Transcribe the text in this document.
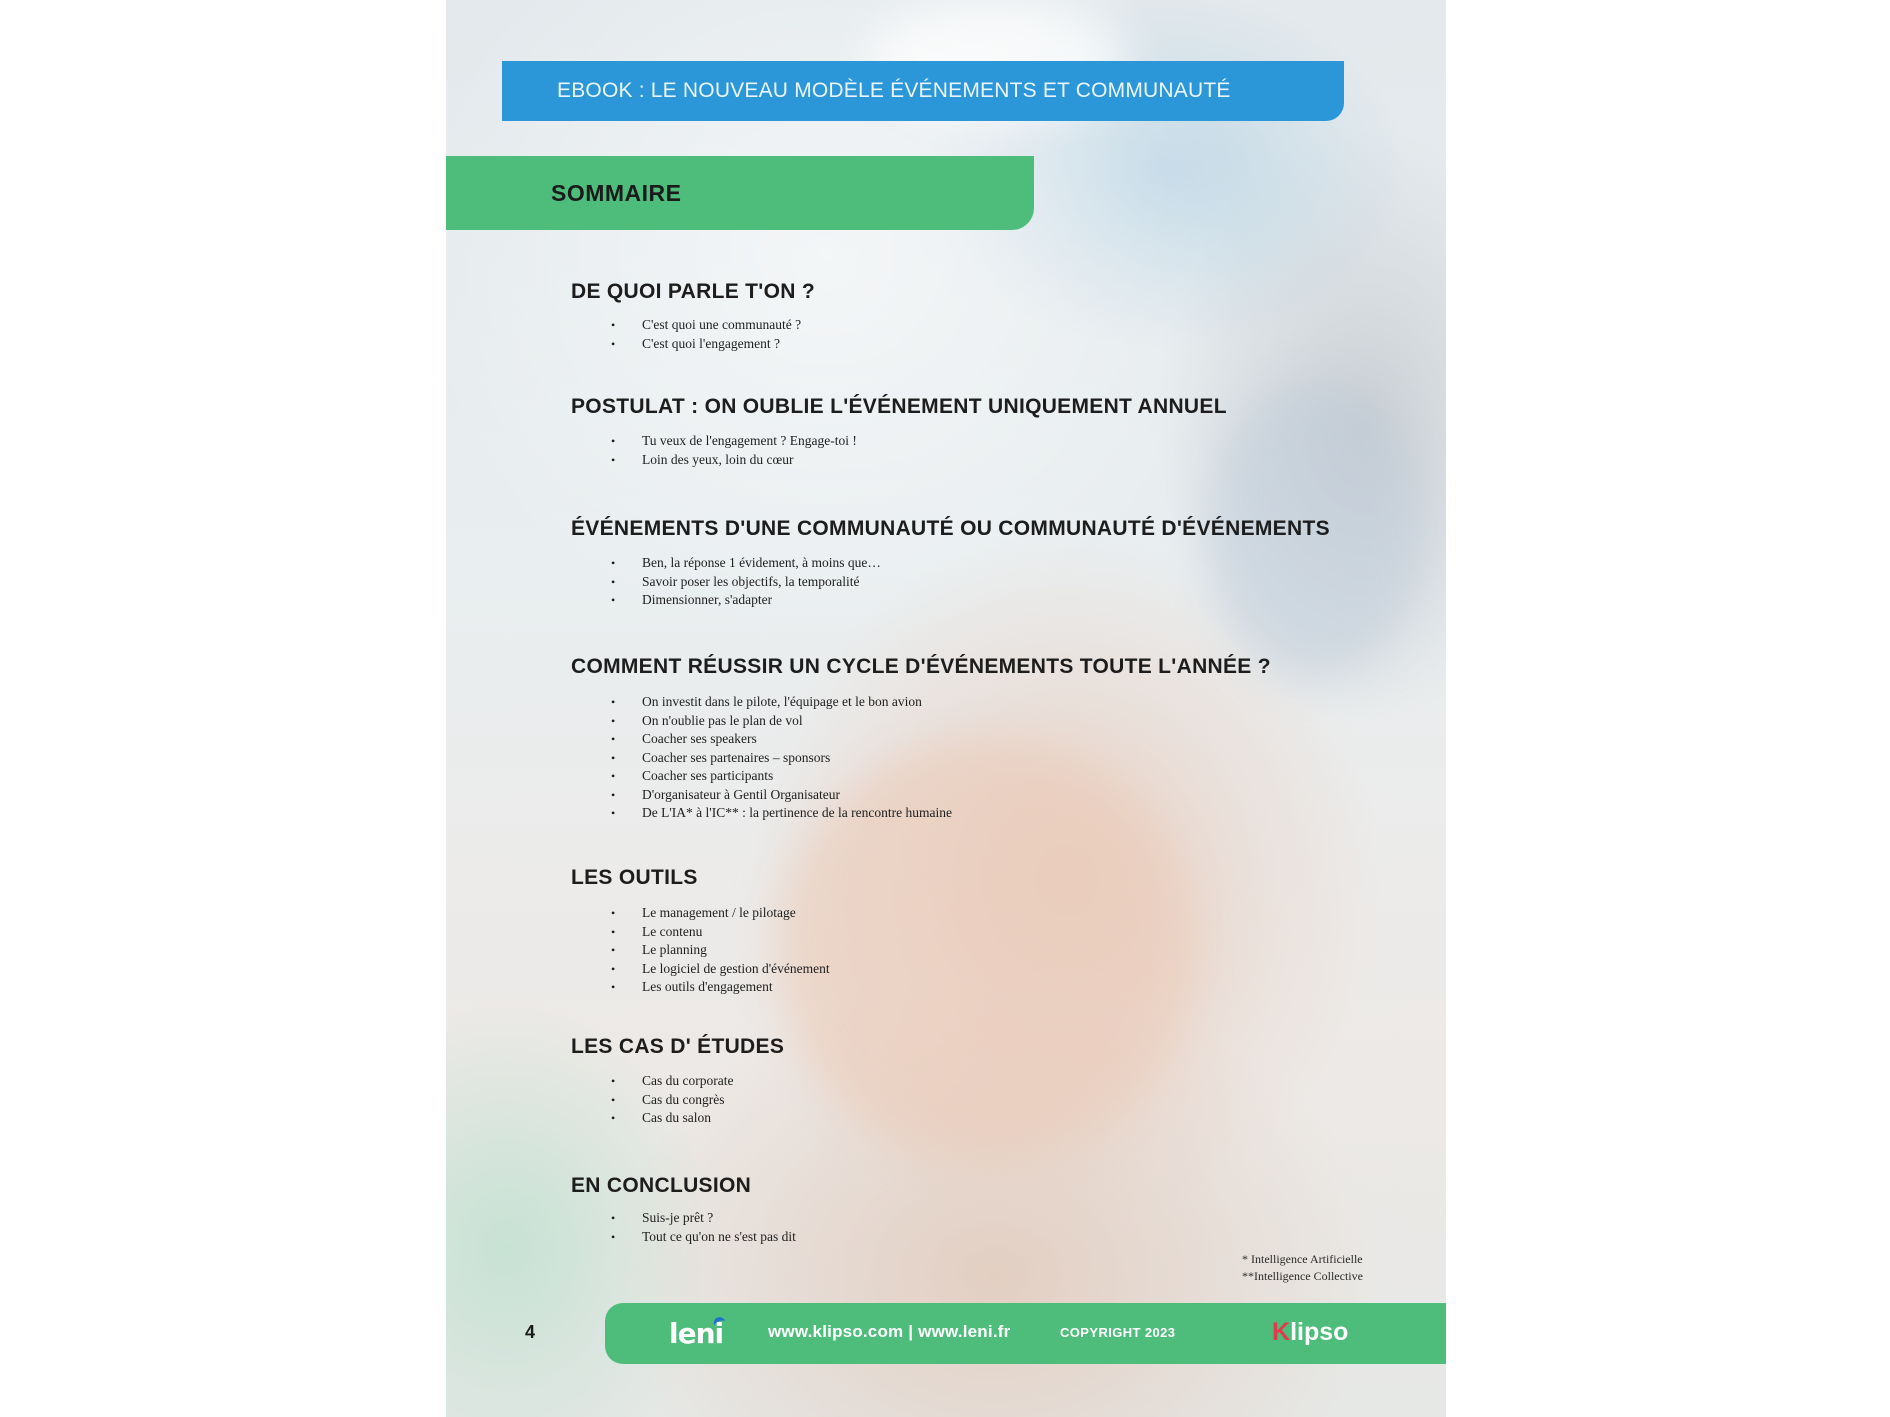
EBOOK : LE NOUVEAU MODÈLE ÉVÉNEMENTS ET COMMUNAUTÉ
SOMMAIRE
DE QUOI PARLE T'ON ?
• C'est quoi une communauté ?
• C'est quoi l'engagement ?
POSTULAT : ON OUBLIE L'ÉVÉNEMENT UNIQUEMENT ANNUEL
• Tu veux de l'engagement ? Engage-toi !
• Loin des yeux, loin du cœur
ÉVÉNEMENTS D'UNE COMMUNAUTÉ OU COMMUNAUTÉ D'ÉVÉNEMENTS
• Ben, la réponse 1 évidement, à moins que…
• Savoir poser les objectifs, la temporalité
• Dimensionner, s'adapter
COMMENT RÉUSSIR UN CYCLE D'ÉVÉNEMENTS TOUTE L'ANNÉE ?
• On investit dans le pilote, l'équipage et le bon avion
• On n'oublie pas le plan de vol
• Coacher ses speakers
• Coacher ses partenaires – sponsors
• Coacher ses participants
• D'organisateur à Gentil Organisateur
• De L'IA* à l'IC** : la pertinence de la rencontre humaine
LES OUTILS
• Le management / le pilotage
• Le contenu
• Le planning
• Le logiciel de gestion d'événement
• Les outils d'engagement
LES CAS D' ÉTUDES
• Cas du corporate
• Cas du congrès
• Cas du salon
EN CONCLUSION
• Suis-je prêt ?
• Tout ce qu'on ne s'est pas dit
* Intelligence Artificielle
**Intelligence Collective
4	leni	www.klipso.com | www.leni.fr	COPYRIGHT 2023	Klipso
